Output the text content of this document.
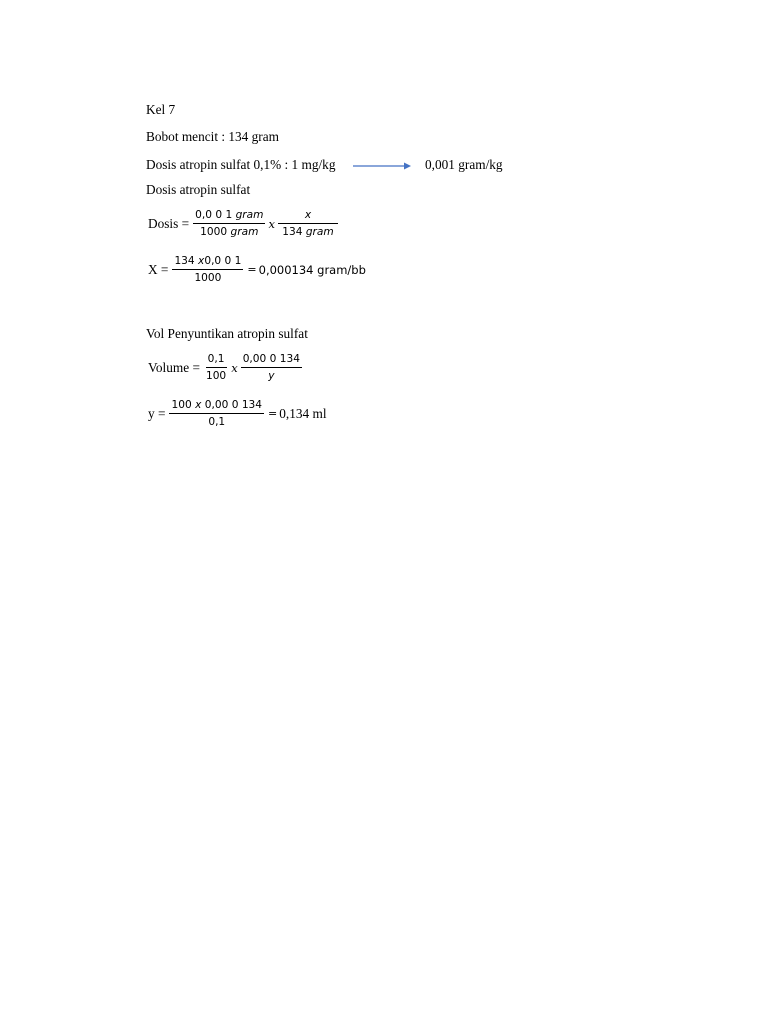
Kel 7
Bobot mencit : 134 gram
Dosis atropin sulfat 0,1% : 1 mg/kg	0,001 gram/kg
Dosis atropin sulfat
Dosis = $\frac{\text{0,0 0 1 gram}}{\text{1000 gram}}$ x $\frac{x}{\text{134 gram}}$
$X = \frac{134 x0,0 0 1}{1000} = 0,000134$ gram/bb
Vol Penyuntikan atropin sulfat
Volume = $\frac{0,1}{100}$ x $\frac{0,00 0 134}{y}$
$y = \frac{100 x 0,00 0 134}{0,1} = 0,134$ ml
